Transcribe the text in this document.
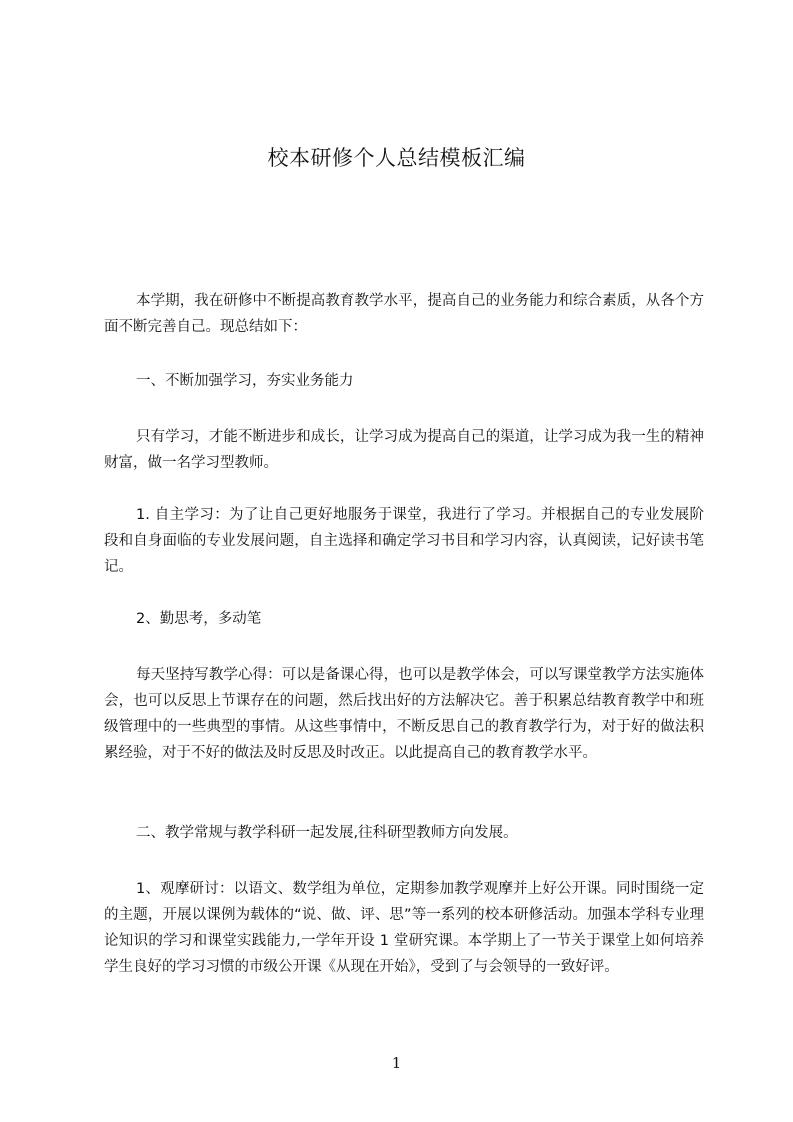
校本研修个人总结模板汇编

本学期，我在研修中不断提高教育教学水平，提高自己的业务能力和综合素质，从各个方面不断完善自己。现总结如下：

一、不断加强学习，夯实业务能力

只有学习，才能不断进步和成长，让学习成为提高自己的渠道，让学习成为我一生的精神财富，做一名学习型教师。

1. 自主学习：为了让自己更好地服务于课堂，我进行了学习。并根据自己的专业发展阶段和自身面临的专业发展问题，自主选择和确定学习书目和学习内容，认真阅读，记好读书笔记。

2、勤思考，多动笔

每天坚持写教学心得：可以是备课心得，也可以是教学体会，可以写课堂教学方法实施体会，也可以反思上节课存在的问题，然后找出好的方法解决它。善于积累总结教育教学中和班级管理中的一些典型的事情。从这些事情中，不断反思自己的教育教学行为，对于好的做法积累经验，对于不好的做法及时反思及时改正。以此提高自己的教育教学水平。

二、教学常规与教学科研一起发展,往科研型教师方向发展。

1、观摩研讨：以语文、数学组为单位，定期参加教学观摩并上好公开课。同时围绕一定的主题，开展以课例为载体的“说、做、评、思”等一系列的校本研修活动。加强本学科专业理论知识的学习和课堂实践能力,一学年开设 1 堂研究课。本学期上了一节关于课堂上如何培养学生良好的学习习惯的市级公开课《从现在开始》，受到了与会领导的一致好评。

1
